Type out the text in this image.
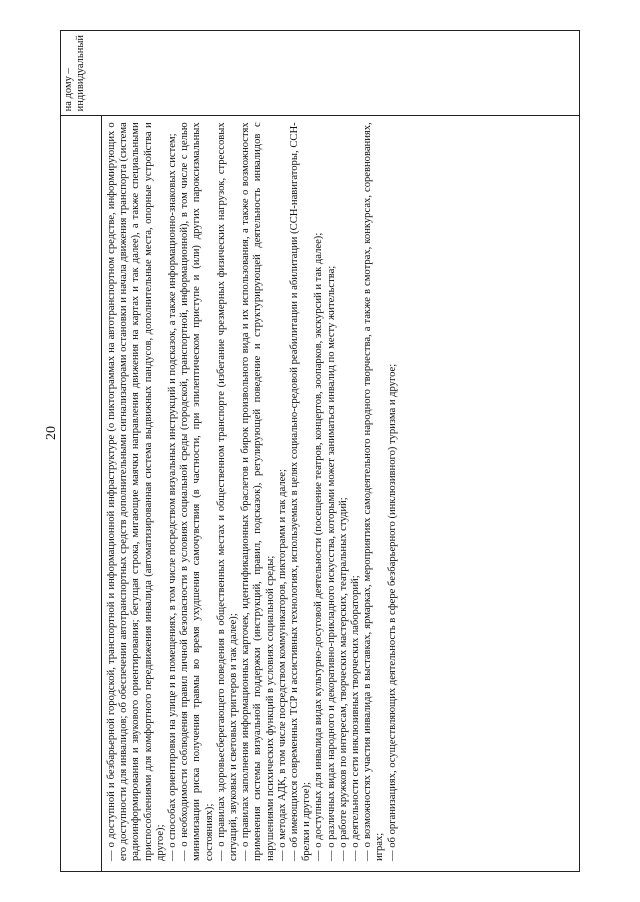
20	— о доступной и безбарьерной городской, транспортной и информационной инфраструктуре (о пиктограммах на автотранспортном средстве, информирующих о его доступности для инвалидов; об обеспечении автотранспортных средств дополнительными сигнализаторами остановки и начала движения транспорта (система радиоинформирования и звукового ориентирования; бегущая строка, мигающие маячки направления движения на картах и так далее), а также специальными приспособлениями для комфортного передвижения инвалида (автоматизированная система выдвижных пандусов, дополнительные места, опорные устройства и другое); — о способах ориентировки на улице и в помещениях, в том числе посредством визуальных инструкций и подсказок, а также информационно-знаковых систем; — о необходимости соблюдения правил личной безопасности в условиях социальной среды (городской, транспортной, информационной), в том числе с целью минимизации риска получения травмы во время ухудшения самочувствия (в частности, при эпилептическом приступе и (или) других пароксизмальных состояниях); — о правилах здоровьесберегающего поведения в общественных местах и общественном транспорте (избегание чрезмерных физических нагрузок, стрессовых ситуаций, звуковых и световых триггеров и так далее); — о правилах заполнения информационных карточек, идентификационных браслетов и бирок произвольного вида и их использования, а также о возможностях применения системы визуальной поддержки (инструкций, правил, подсказок), регулирующей поведение и структурирующей деятельность инвалидов с нарушениями психических функций в условиях социальной среды; — о методах АДК, в том числе посредством коммуникаторов, пиктограмм и так далее; — об имеющихся современных ТСР и ассистивных технологиях, используемых в целях социально-средовой реабилитации и абилитации (ССН-навигаторы, ССН-брелки и другое); — о доступных для инвалида видах культурно-досуговой деятельности (посещение театров, концертов, зоопарков, экскурсий и так далее); — о различных видах народного и декоративно-прикладного искусства, которыми может заниматься инвалид по месту жительства; — о работе кружков по интересам, творческих мастерских, театральных студий; — о деятельности сети инклюзивных творческих лабораторий; — о возможностях участия инвалида в выставках, ярмарках, мероприятиях самодеятельного народного творчества, а также в смотрах, конкурсах, соревнованиях, играх; — об организациях, осуществляющих деятельность в сфере безбарьерного (инклюзивного) туризма и другое;

на дому – индивидуальный
